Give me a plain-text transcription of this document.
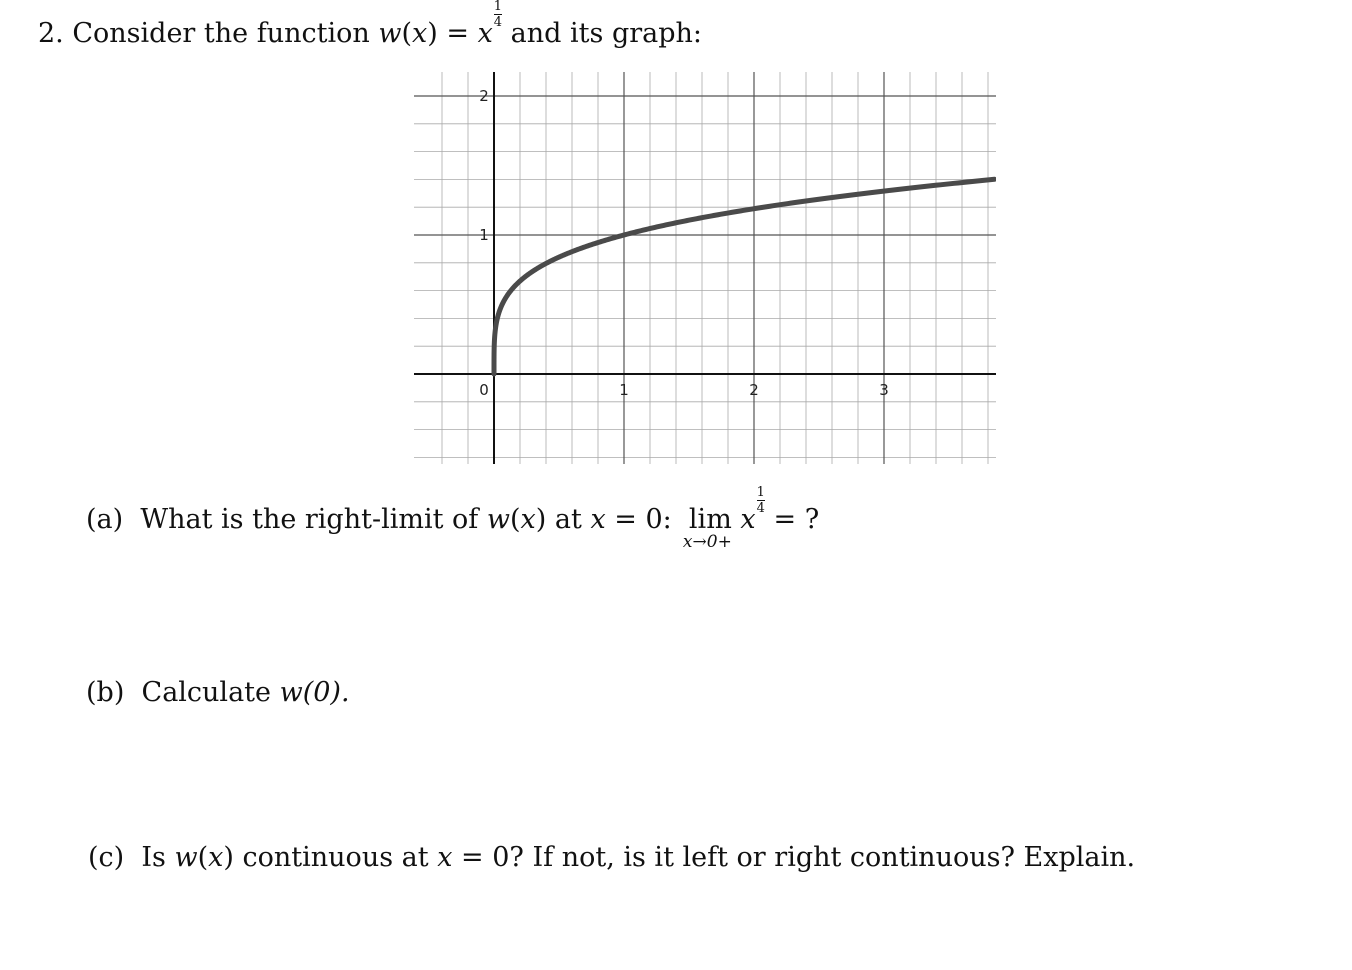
2. Consider the function w(x) = x
$\frac{1}{4}$
and its graph:
0	1	2	3
1
2
(a) What is the right-limit of w(x) at x = 0: lim
x→0+
x
$\frac{1}{4}$
= ?
(b) Calculate w(0).
(c) Is w(x) continuous at x = 0? If not, is it left or right continuous? Explain.
